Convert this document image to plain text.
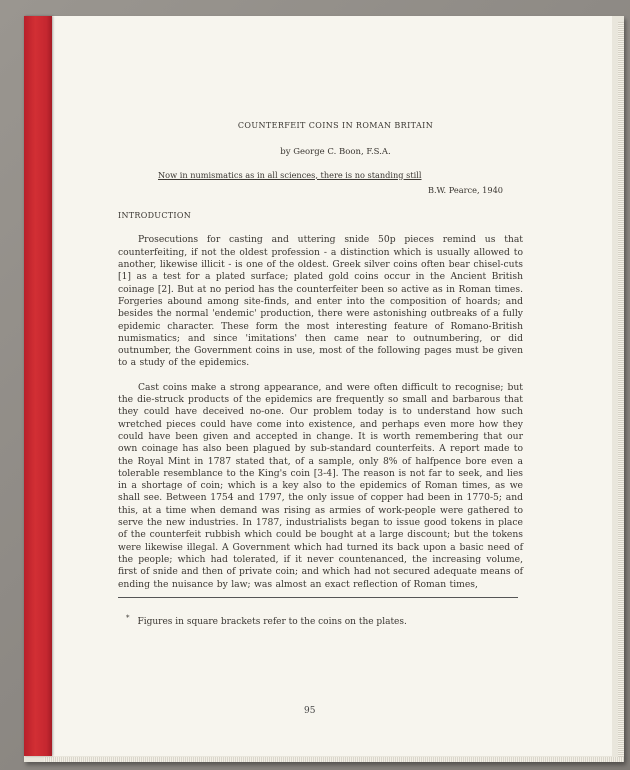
COUNTERFEIT COINS IN ROMAN BRITAIN
by George C. Boon, F.S.A.
Now in numismatics as in all sciences, there is no standing still
B.W. Pearce, 1940
INTRODUCTION

Prosecutions for casting and uttering snide 50p pieces remind us that counterfeiting, if not the oldest profession - a distinction which is usually allowed to another, likewise illicit - is one of the oldest. Greek silver coins often bear chisel-cuts [1] as a test for a plated surface; plated gold coins occur in the Ancient British coinage [2]. But at no period has the counterfeiter been so active as in Roman times. Forgeries abound among site-finds, and enter into the composition of hoards; and besides the normal 'endemic' production, there were astonishing outbreaks of a fully epidemic character. These form the most interesting feature of Romano-British numismatics; and since 'imitations' then came near to outnumbering, or did outnumber, the Government coins in use, most of the following pages must be given to a study of the epidemics.

Cast coins make a strong appearance, and were often difficult to recognise; but the die-struck products of the epidemics are frequently so small and barbarous that they could have deceived no-one. Our problem today is to understand how such wretched pieces could have come into existence, and perhaps even more how they could have been given and accepted in change. It is worth remembering that our own coinage has also been plagued by sub-standard counterfeits. A report made to the Royal Mint in 1787 stated that, of a sample, only 8% of halfpence bore even a tolerable resemblance to the King's coin [3-4]. The reason is not far to seek, and lies in a shortage of coin; which is a key also to the epidemics of Roman times, as we shall see. Between 1754 and 1797, the only issue of copper had been in 1770-5; and this, at a time when demand was rising as armies of work-people were gathered to serve the new industries. In 1787, industrialists began to issue good tokens in place of the counterfeit rubbish which could be bought at a large discount; but the tokens were likewise illegal. A Government which had turned its back upon a basic need of the people; which had tolerated, if it never countenanced, the increasing volume, first of snide and then of private coin; and which had not secured adequate means of ending the nuisance by law; was almost an exact reflection of Roman times,

* Figures in square brackets refer to the coins on the plates.
95
